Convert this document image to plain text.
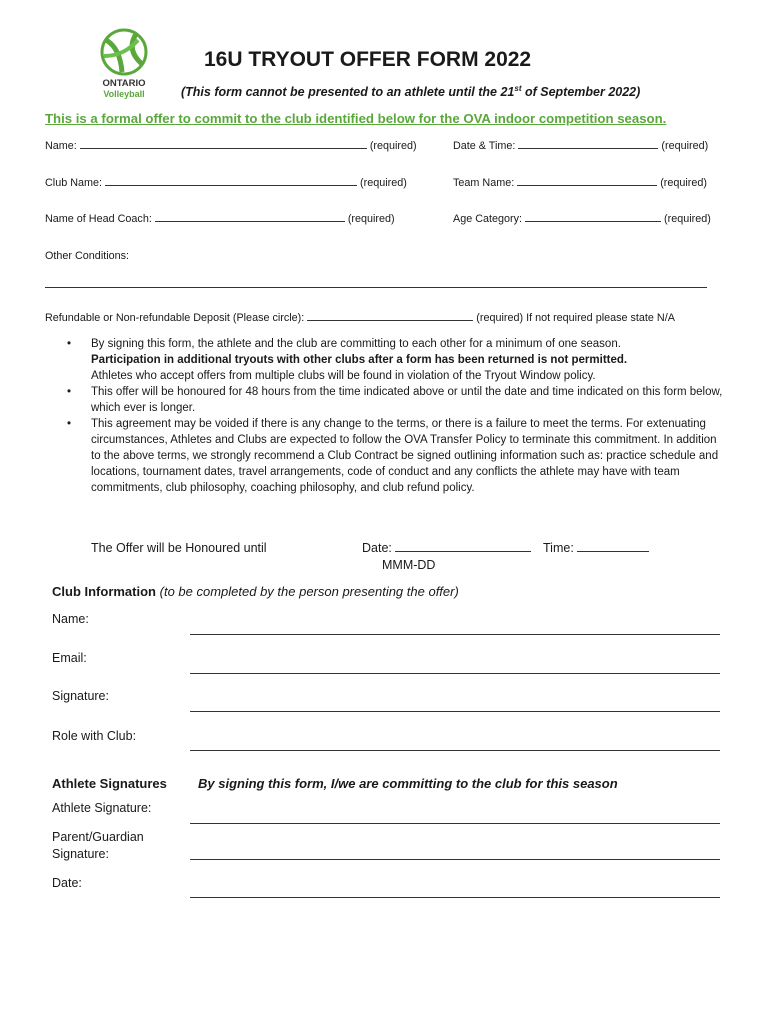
ONTARIO
Volleyball
16U TRYOUT OFFER FORM 2022
(This form cannot be presented to an athlete until the 21st of September 2022)
This is a formal offer to commit to the club identified below for the OVA indoor competition season.
Name:	(required)	Date & Time:	(required)
Club Name:	(required)	Team Name:	(required)
Name of Head Coach:	(required)	Age Category:	(required)
Other Conditions:
Refundable or Non-refundable Deposit (Please circle):	(required) If not required please state N/A

• By signing this form, the athlete and the club are committing to each other for a minimum of one season.
Participation in additional tryouts with other clubs after a form has been returned is not permitted.
Athletes who accept offers from multiple clubs will be found in violation of the Tryout Window policy.

• This offer will be honoured for 48 hours from the time indicated above or until the date and time indicated on this form below, which ever is longer.

• This agreement may be voided if there is any change to the terms, or there is a failure to meet the terms. For extenuating circumstances, Athletes and Clubs are expected to follow the OVA Transfer Policy to terminate this commitment. In addition to the above terms, we strongly recommend a Club Contract be signed outlining information such as: practice schedule and locations, tournament dates, travel arrangements, code of conduct and any conflicts the athlete may have with team commitments, club philosophy, coaching philosophy, and club refund policy.

The Offer will be Honoured until	Date:	Time:
MMM-DD
Club Information (to be completed by the person presenting the offer)
Name:
Email:
Signature:
Role with Club:
Athlete Signatures By signing this form, I/we are committing to the club for this season
Athlete Signature:
Parent/Guardian
Signature:
Date:
